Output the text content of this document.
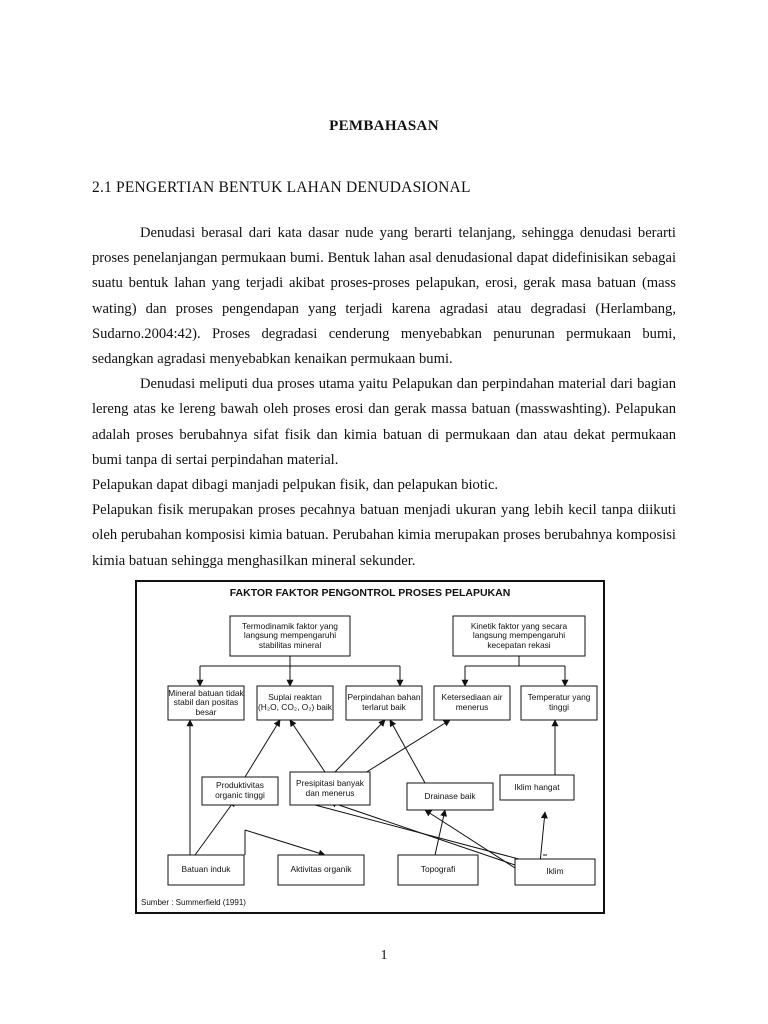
PEMBAHASAN
2.1 PENGERTIAN BENTUK LAHAN DENUDASIONAL

Denudasi berasal dari kata dasar nude yang berarti telanjang, sehingga denudasi berarti proses penelanjangan permukaan bumi. Bentuk lahan asal denudasional dapat didefinisikan sebagai suatu bentuk lahan yang terjadi akibat proses-proses pelapukan, erosi, gerak masa batuan (mass wating) dan proses pengendapan yang terjadi karena agradasi atau degradasi (Herlambang, Sudarno.2004:42). Proses degradasi cenderung menyebabkan penurunan permukaan bumi, sedangkan agradasi menyebabkan kenaikan permukaan bumi.

Denudasi meliputi dua proses utama yaitu Pelapukan dan perpindahan material dari bagian lereng atas ke lereng bawah oleh proses erosi dan gerak massa batuan (masswashting). Pelapukan adalah proses berubahnya sifat fisik dan kimia batuan di permukaan dan atau dekat permukaan bumi tanpa di sertai perpindahan material.

Pelapukan dapat dibagi manjadi pelpukan fisik, dan pelapukan biotic.

Pelapukan fisik merupakan proses pecahnya batuan menjadi ukuran yang lebih kecil tanpa diikuti oleh perubahan komposisi kimia batuan. Perubahan kimia merupakan proses berubahnya komposisi kimia batuan sehingga menghasilkan mineral sekunder.

FAKTOR FAKTOR PENGONTROL PROSES PELAPUKAN
Termodinamik faktor yang langsung mempengaruhi stabilitas mineral
Kinetik faktor yang secara langsung mempengaruhi kecepatan rekasi
Mineral batuan tidak stabil dan positas besar
Suplai reaktan (H₂O, CO₂, O₂) baik
Perpindahan bahan terlarut baik
Ketersediaan air menerus
Temperatur yang tinggi
Produktivitas organic tinggi
Presipitasi banyak dan menerus	Drainase baik
Iklim hangat
Batuan induk	Aktivitas organik	Topografi	Iklim
Sumber : Summerfield (1991)
1
